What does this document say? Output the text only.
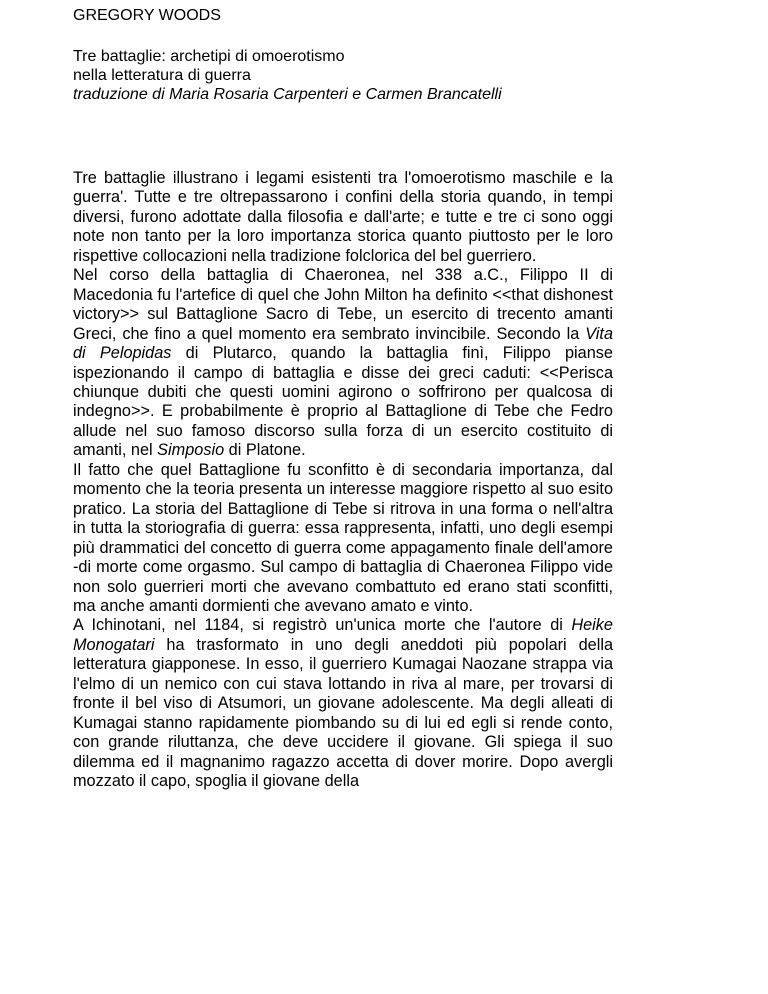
GREGORY WOODS
Tre battaglie: archetipi di omoerotismo
nella letteratura di guerra
traduzione di Maria Rosaria Carpenteri e Carmen Brancatelli

Tre battaglie illustrano i legami esistenti tra l'omoerotismo maschile e la guerra'. Tutte e tre oltrepassarono i confini della storia quando, in tempi diversi, furono adottate dalla filosofia e dall'arte; e tutte e tre ci sono oggi note non tanto per la loro importanza storica quanto piuttosto per le loro rispettive collocazioni nella tradizione folclorica del bel guerriero.

Nel corso della battaglia di Chaeronea, nel 338 a.C., Filippo II di Macedonia fu l'artefice di quel che John Milton ha definito <<that dishonest victory>> sul Battaglione Sacro di Tebe, un esercito di trecento amanti Greci, che fino a quel momento era sembrato invincibile. Secondo la Vita di Pelopidas di Plutarco, quando la battaglia finì, Filippo pianse ispezionando il campo di battaglia e disse dei greci caduti: <<Perisca chiunque dubiti che questi uomini agirono o soffrirono per qualcosa di indegno>>. E probabilmente è proprio al Battaglione di Tebe che Fedro allude nel suo famoso discorso sulla forza di un esercito costituito di amanti, nel Simposio di Platone.

Il fatto che quel Battaglione fu sconfitto è di secondaria importanza, dal momento che la teoria presenta un interesse maggiore rispetto al suo esito pratico. La storia del Battaglione di Tebe si ritrova in una forma o nell'altra in tutta la storiografia di guerra: essa rappresenta, infatti, uno degli esempi più drammatici del concetto di guerra come appagamento finale dell'amore -di morte come orgasmo. Sul campo di battaglia di Chaeronea Filippo vide non solo guerrieri morti che avevano combattuto ed erano stati sconfitti, ma anche amanti dormienti che avevano amato e vinto.

A Ichinotani, nel 1184, si registrò un'unica morte che l'autore di Heike Monogatari ha trasformato in uno degli aneddoti più popolari della letteratura giapponese. In esso, il guerriero Kumagai Naozane strappa via l'elmo di un nemico con cui stava lottando in riva al mare, per trovarsi di fronte il bel viso di Atsumori, un giovane adolescente. Ma degli alleati di Kumagai stanno rapidamente piombando su di lui ed egli si rende conto, con grande riluttanza, che deve uccidere il giovane. Gli spiega il suo dilemma ed il magnanimo ragazzo accetta di dover morire. Dopo avergli mozzato il capo, spoglia il giovane della
